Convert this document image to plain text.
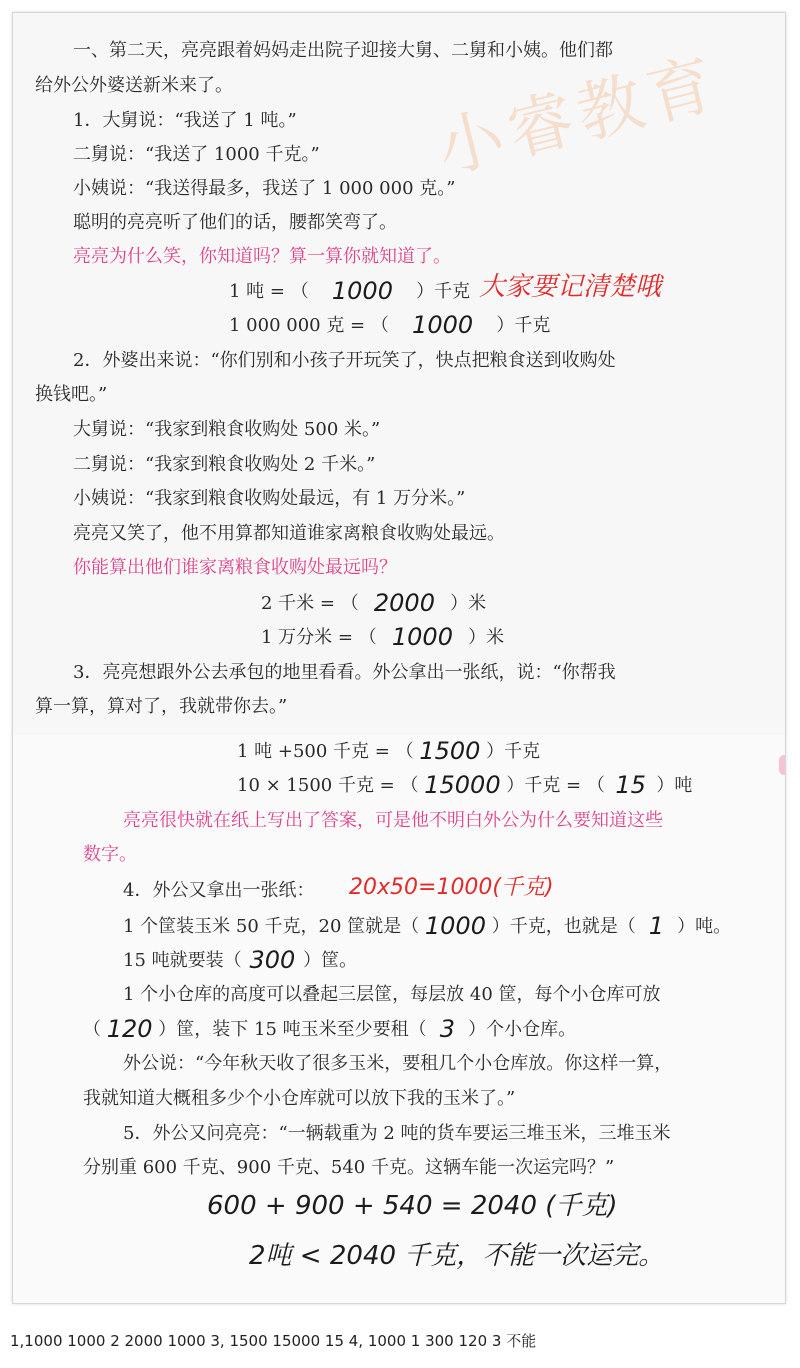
小睿教育
一、第二天，亮亮跟着妈妈走出院子迎接大舅、二舅和小姨。他们都
给外公外婆送新米来了。
1．大舅说：“我送了 1 吨。”
二舅说：“我送了 1000 千克。”
小姨说：“我送得最多，我送了 1 000 000 克。”
聪明的亮亮听了他们的话，腰都笑弯了。
亮亮为什么笑，你知道吗？算一算你就知道了。
1 吨 = （ 1000 ）千克 大家要记清楚哦
1 000 000 克 = （ 1000 ）千克
2．外婆出来说：“你们别和小孩子开玩笑了，快点把粮食送到收购处
换钱吧。”
大舅说：“我家到粮食收购处 500 米。”
二舅说：“我家到粮食收购处 2 千米。”
小姨说：“我家到粮食收购处最远，有 1 万分米。”
亮亮又笑了，他不用算都知道谁家离粮食收购处最远。
你能算出他们谁家离粮食收购处最远吗？
2 千米 = （ 2000 ）米
1 万分米 = （ 1000 ）米
3．亮亮想跟外公去承包的地里看看。外公拿出一张纸，说：“你帮我
算一算，算对了，我就带你去。”
1 吨 +500 千克 = （ 1500 ）千克
10 × 1500 千克 = （ 15000 ）千克 = （ 15 ）吨
亮亮很快就在纸上写出了答案，可是他不明白外公为什么要知道这些
数字。
4．外公又拿出一张纸： 20x50=1000(千克)
1 个筐装玉米 50 千克，20 筐就是（ 1000 ）千克，也就是（ 1 ）吨。
15 吨就要装（ 300 ）筐。
1 个小仓库的高度可以叠起三层筐，每层放 40 筐，每个小仓库可放
（ 120 ）筐，装下 15 吨玉米至少要租（ 3 ）个小仓库。
外公说：“今年秋天收了很多玉米，要租几个小仓库放。你这样一算，
我就知道大概租多少个小仓库就可以放下我的玉米了。”
5．外公又问亮亮：“一辆载重为 2 吨的货车要运三堆玉米，三堆玉米
分别重 600 千克、900 千克、540 千克。这辆车能一次运完吗？”
600 + 900 + 540 = 2040 (千克)
2吨 < 2040 千克，不能一次运完。
1,1000 1000 2 2000 1000 3, 1500 15000 15 4, 1000 1 300 120 3 不能
